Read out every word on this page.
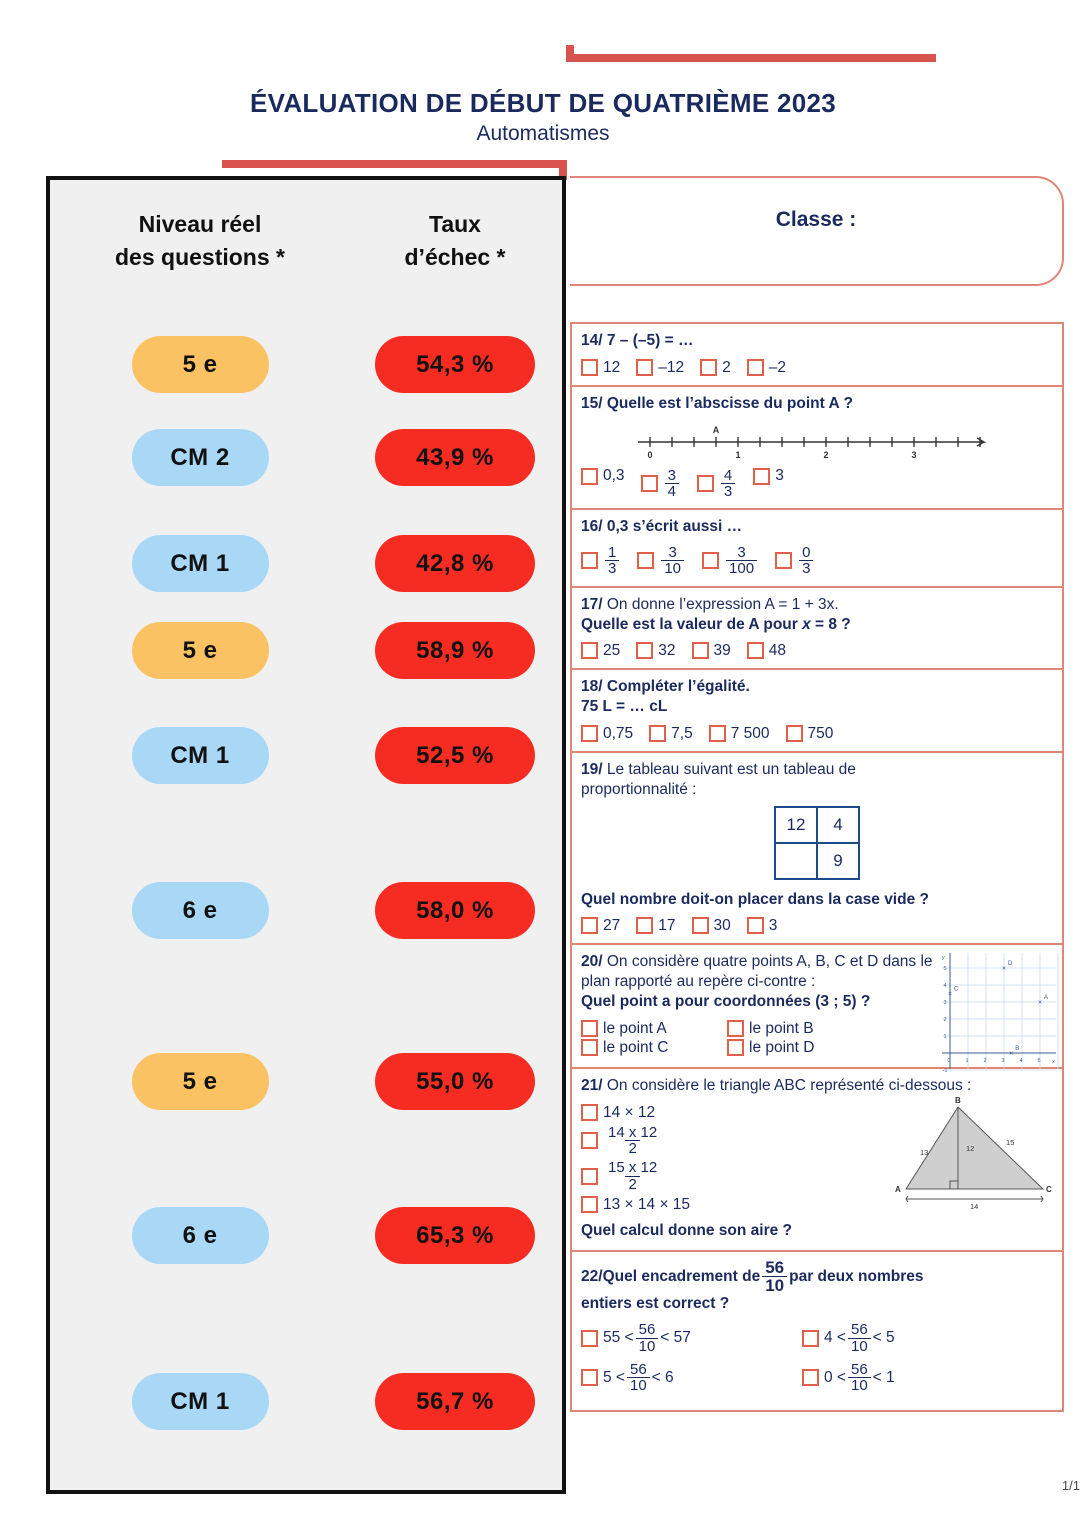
ÉVALUATION DE DÉBUT DE QUATRIÈME 2023
Automatismes
Niveau réel
des questions *
Taux
d’échec *
5 e	54,3 %
CM 2	43,9 %
CM 1	42,8 %
5 e	58,9 %
CM 1	52,5 %
6 e	58,0 %
5 e	55,0 %
6 e	65,3 %
CM 1	56,7 %
Classe :
14/ 7 – (–5) = …
12 –12 2 –2
15/ Quelle est l’abscisse du point A ?
0	1	2	3
A
0,3	$\frac{3}{4}$	$\frac{4}{3}$	3
16/ 0,3 s’écrit aussi …
$\frac{1}{3}$	$\frac{3}{10}$	$\frac{3}{100}$	$\frac{0}{3}$
17/ On donne l’expression A = 1 + 3x.
Quelle est la valeur de A pour x = 8 ?
25 32 39 48
18/ Compléter l’égalité.
75 L = … cL
0,75 7,5 7 500 750
19/ Le tableau suivant est un tableau de
proportionnalité :
12	4
	9
Quel nombre doit-on placer dans la case vide ?
27 17 30 3
20/ On considère quatre points A, B, C et D dans le
plan rapporté au repère ci-contre :
0	1	2	3	4	5
1
2
3
4
5
-1
x
y
×
A
×
B
×
C
×
D
Quel point a pour coordonnées (3 ; 5) ?
le point A	le point B
le point C	le point D
21/ On considère le triangle ABC représenté ci-dessous :
A
B
C
13
15
12
14
14 × 12
$\frac{14 x 12}{2}$
$\frac{15 x 12}{2}$
13 × 14 × 15
Quel calcul donne son aire ?
22/ Quel encadrement de $\frac{56}{10}$ par deux nombres
entiers est correct ?
$55 < \frac{56}{10} < 57$	$4 < \frac{56}{10} < 5$
$5 < \frac{56}{10} < 6$	$0 < \frac{56}{10} < 1$
1/1
